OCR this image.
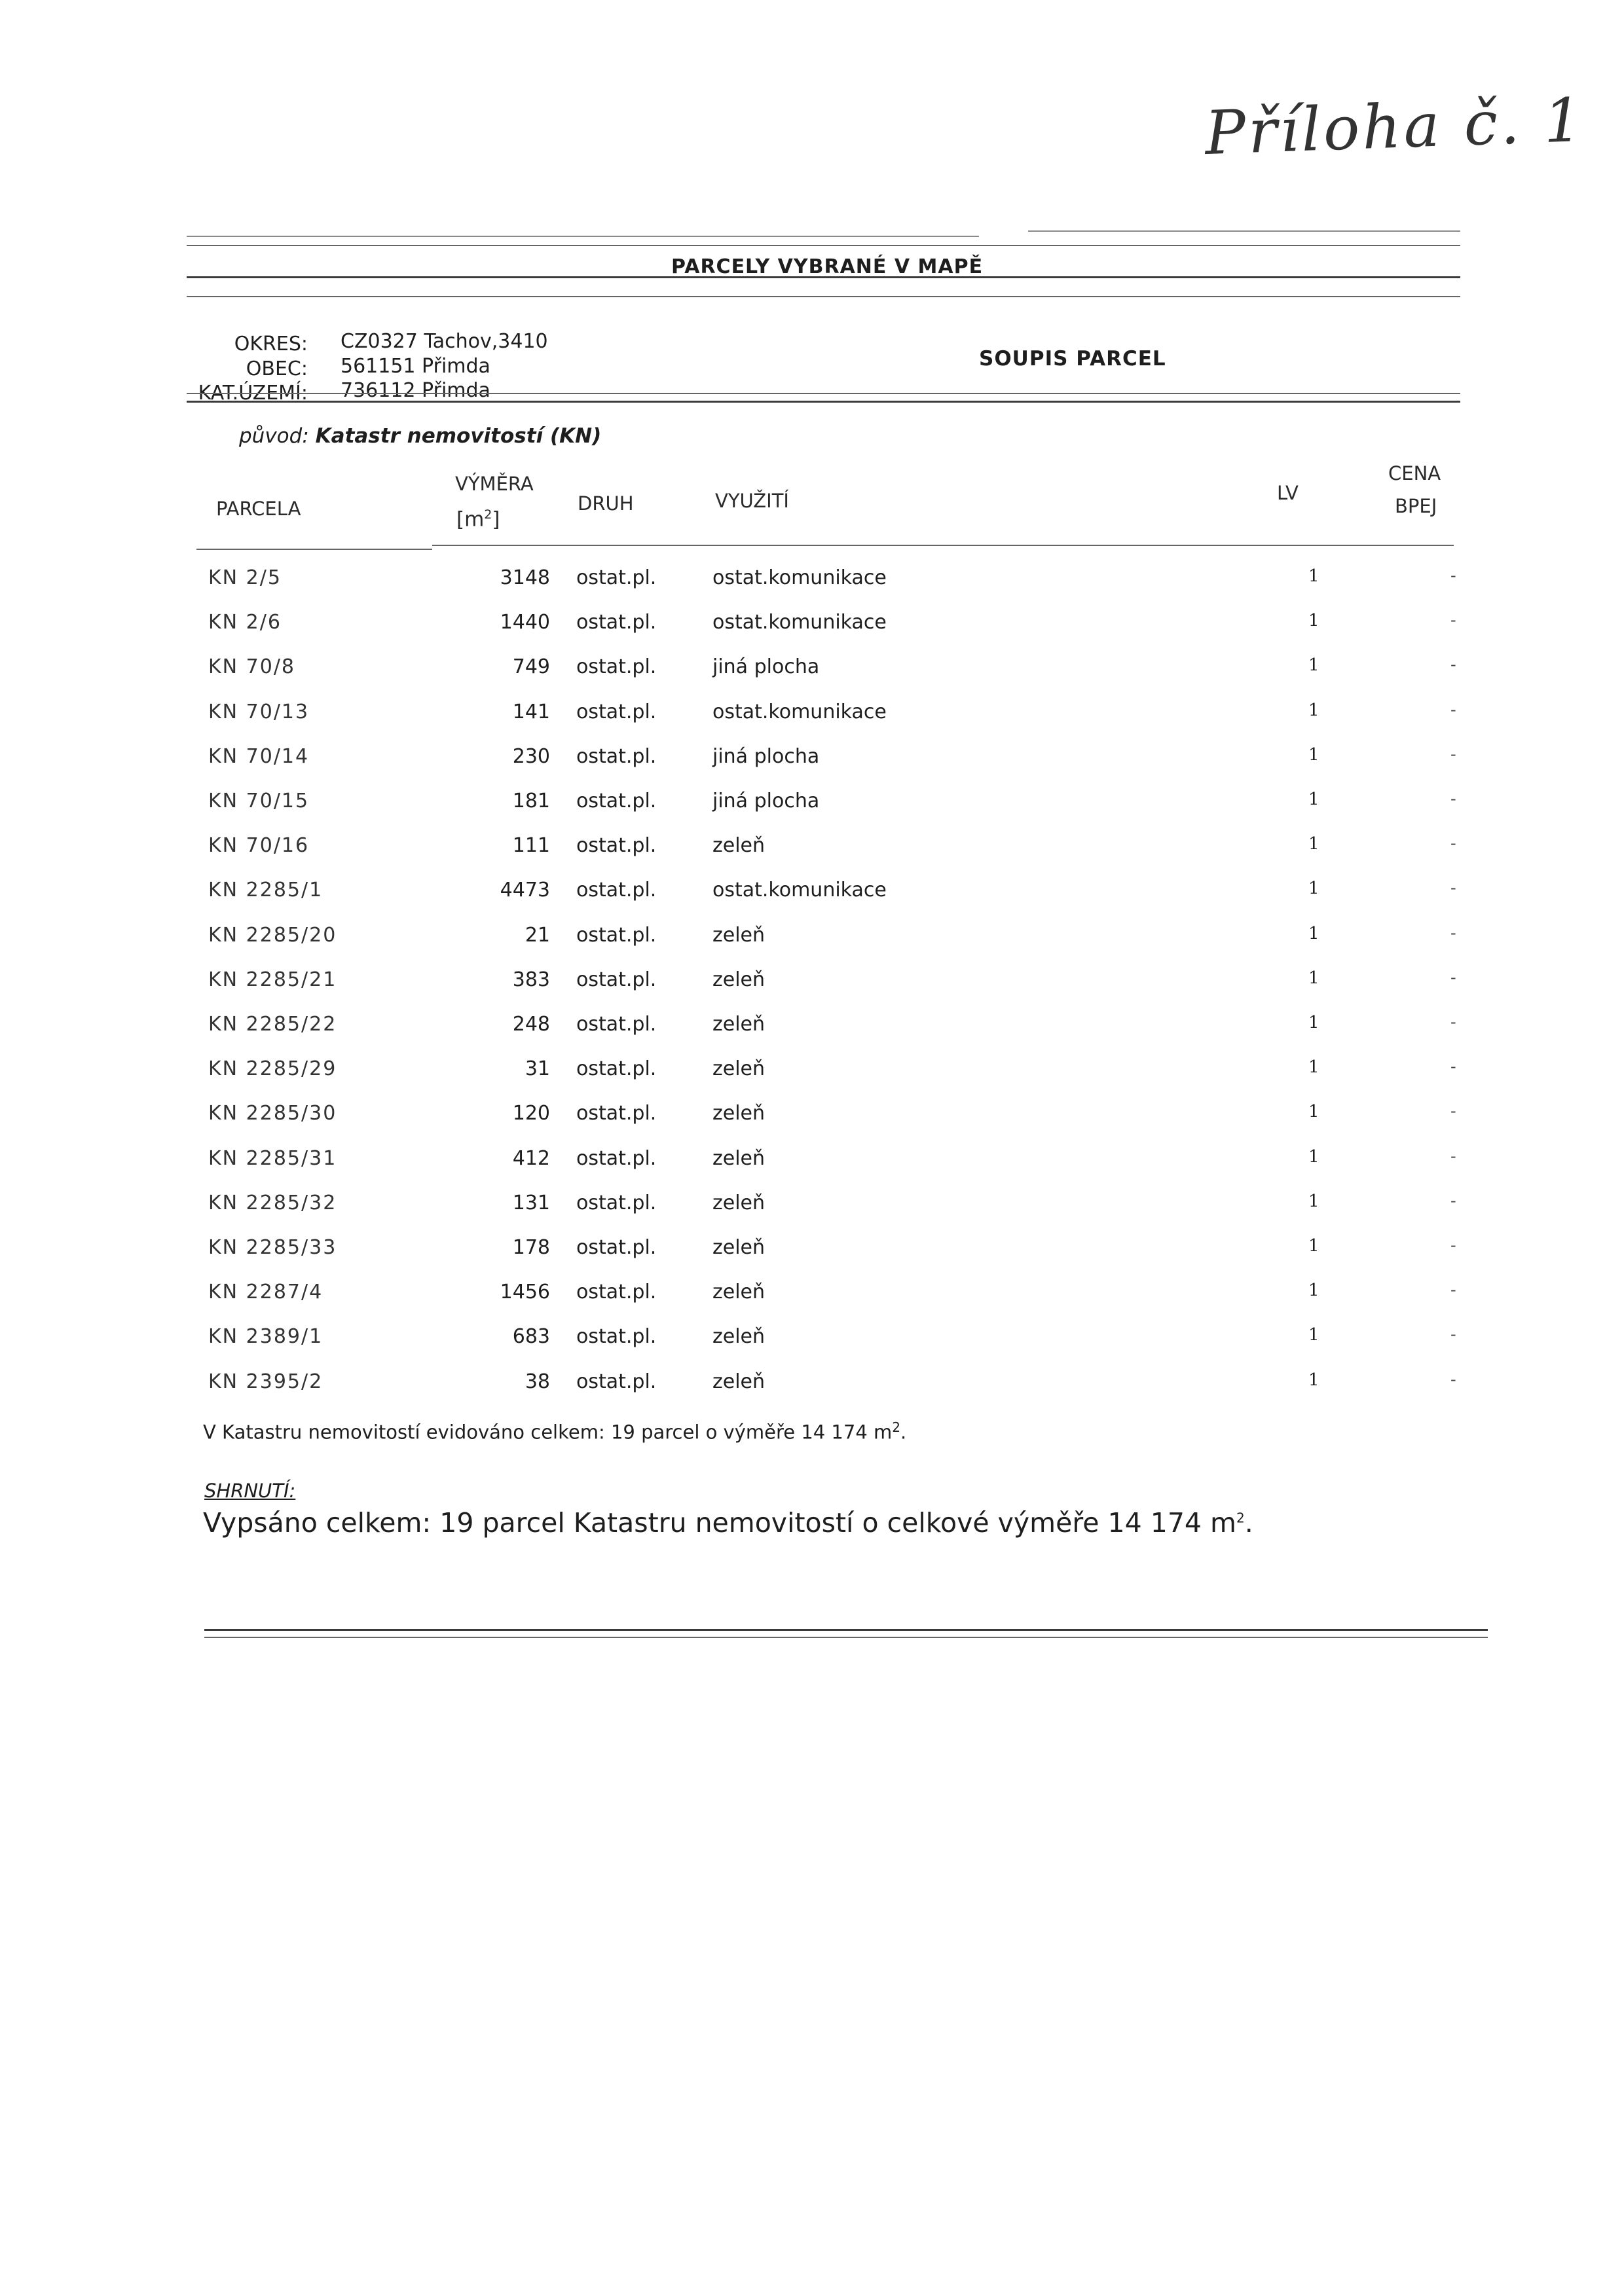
Příloha č. 1
PARCELY VYBRANÉ V MAPĚ
OKRES: CZ0327 Tachov,3410
OBEC: 561151 Přimda
KAT.ÚZEMÍ: 736112 Přimda
SOUPIS PARCEL
původ: Katastr nemovitostí (KN)
PARCELA
VÝMĚRA
$[m^2]$
DRUH	VYUŽITÍ	LV
CENA
BPEJ
KN 2/5	3148 ostat.pl.	ostat.komunikace	1	-
KN 2/6	1440 ostat.pl.	ostat.komunikace	1	-
KN 70/8	749 ostat.pl.	jiná plocha	1	-
KN 70/13	141 ostat.pl.	ostat.komunikace	1	-
KN 70/14	230 ostat.pl.	jiná plocha	1	-
KN 70/15	181 ostat.pl.	jiná plocha	1	-
KN 70/16	111 ostat.pl.	zeleň	1	-
KN 2285/1	4473 ostat.pl.	ostat.komunikace	1	-
KN 2285/20	21 ostat.pl.	zeleň	1	-
KN 2285/21	383 ostat.pl.	zeleň	1	-
KN 2285/22	248 ostat.pl.	zeleň	1	-
KN 2285/29	31 ostat.pl.	zeleň	1	-
KN 2285/30	120 ostat.pl.	zeleň	1	-
KN 2285/31	412 ostat.pl.	zeleň	1	-
KN 2285/32	131 ostat.pl.	zeleň	1	-
KN 2285/33	178 ostat.pl.	zeleň	1	-
KN 2287/4	1456 ostat.pl.	zeleň	1	-
KN 2389/1	683 ostat.pl.	zeleň	1	-
KN 2395/2	38 ostat.pl.	zeleň	1	-
V Katastru nemovitostí evidováno celkem: 19 parcel o výměře 14 174 $m^2$.
SHRNUTÍ:
Vypsáno celkem: 19 parcel Katastru nemovitostí o celkové výměře 14 174 $m^2$.
